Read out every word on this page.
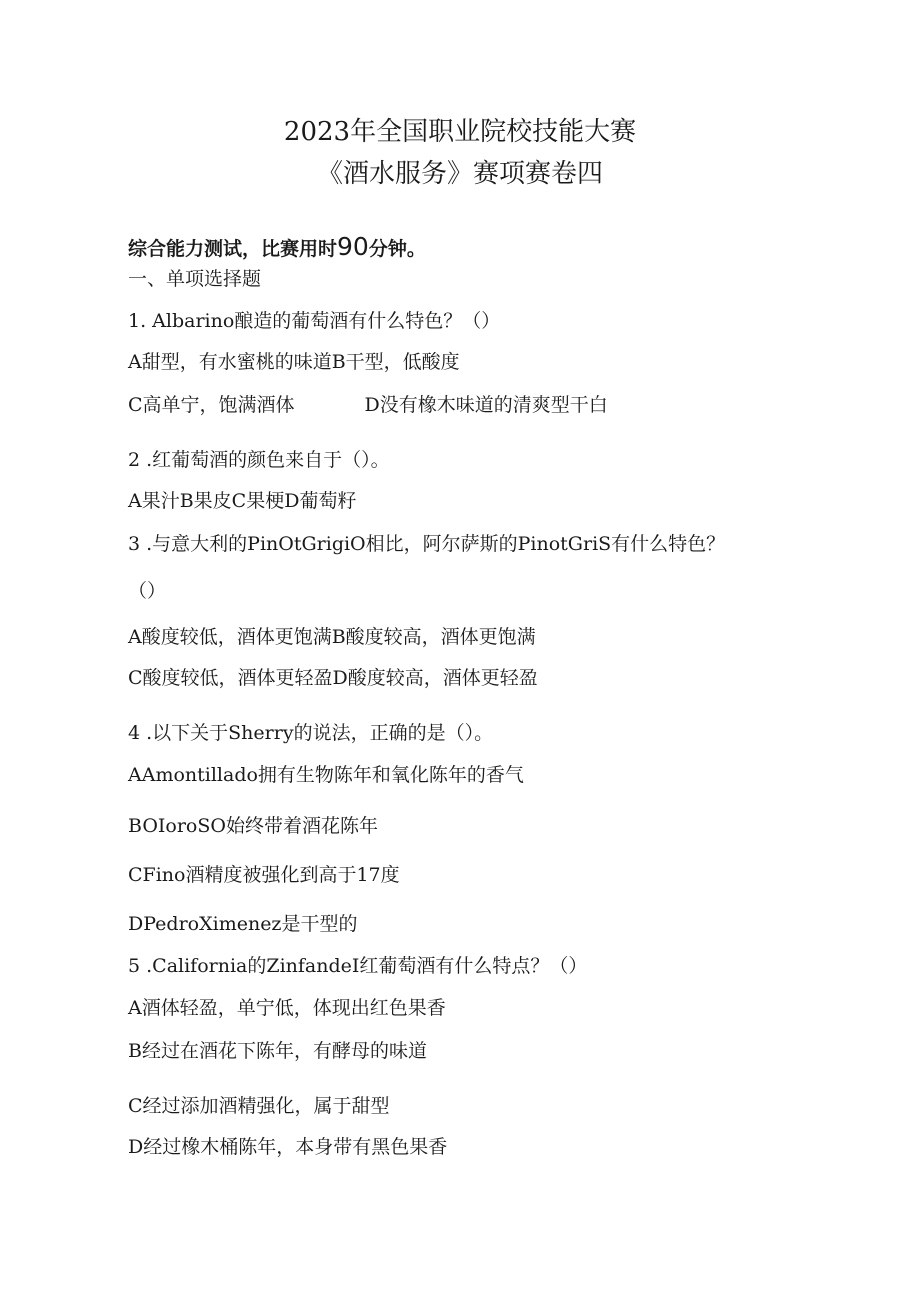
2023年全国职业院校技能大赛
《酒水服务》赛项赛卷四
综合能力测试，比赛用时90分钟。
一、单项选择题
1. Albarino酿造的葡萄酒有什么特色？（）
A甜型，有水蜜桃的味道B干型，低酸度
C高单宁，饱满酒体	D没有橡木味道的清爽型干白
2 .红葡萄酒的颜色来自于（）。
A果汁B果皮C果梗D葡萄籽
3 .与意大利的PinOtGrigiO相比，阿尔萨斯的PinotGriS有什么特色？
（）
A酸度较低，酒体更饱满B酸度较高，酒体更饱满
C酸度较低，酒体更轻盈D酸度较高，酒体更轻盈
4 .以下关于Sherry的说法，正确的是（）。
AAmontillado拥有生物陈年和氧化陈年的香气
BOIoroSO始终带着酒花陈年
CFino酒精度被强化到高于17度
DPedroXimenez是干型的
5 .California的ZinfandeI红葡萄酒有什么特点？（）
A酒体轻盈，单宁低，体现出红色果香
B经过在酒花下陈年，有酵母的味道
C经过添加酒精强化，属于甜型
D经过橡木桶陈年，本身带有黑色果香
